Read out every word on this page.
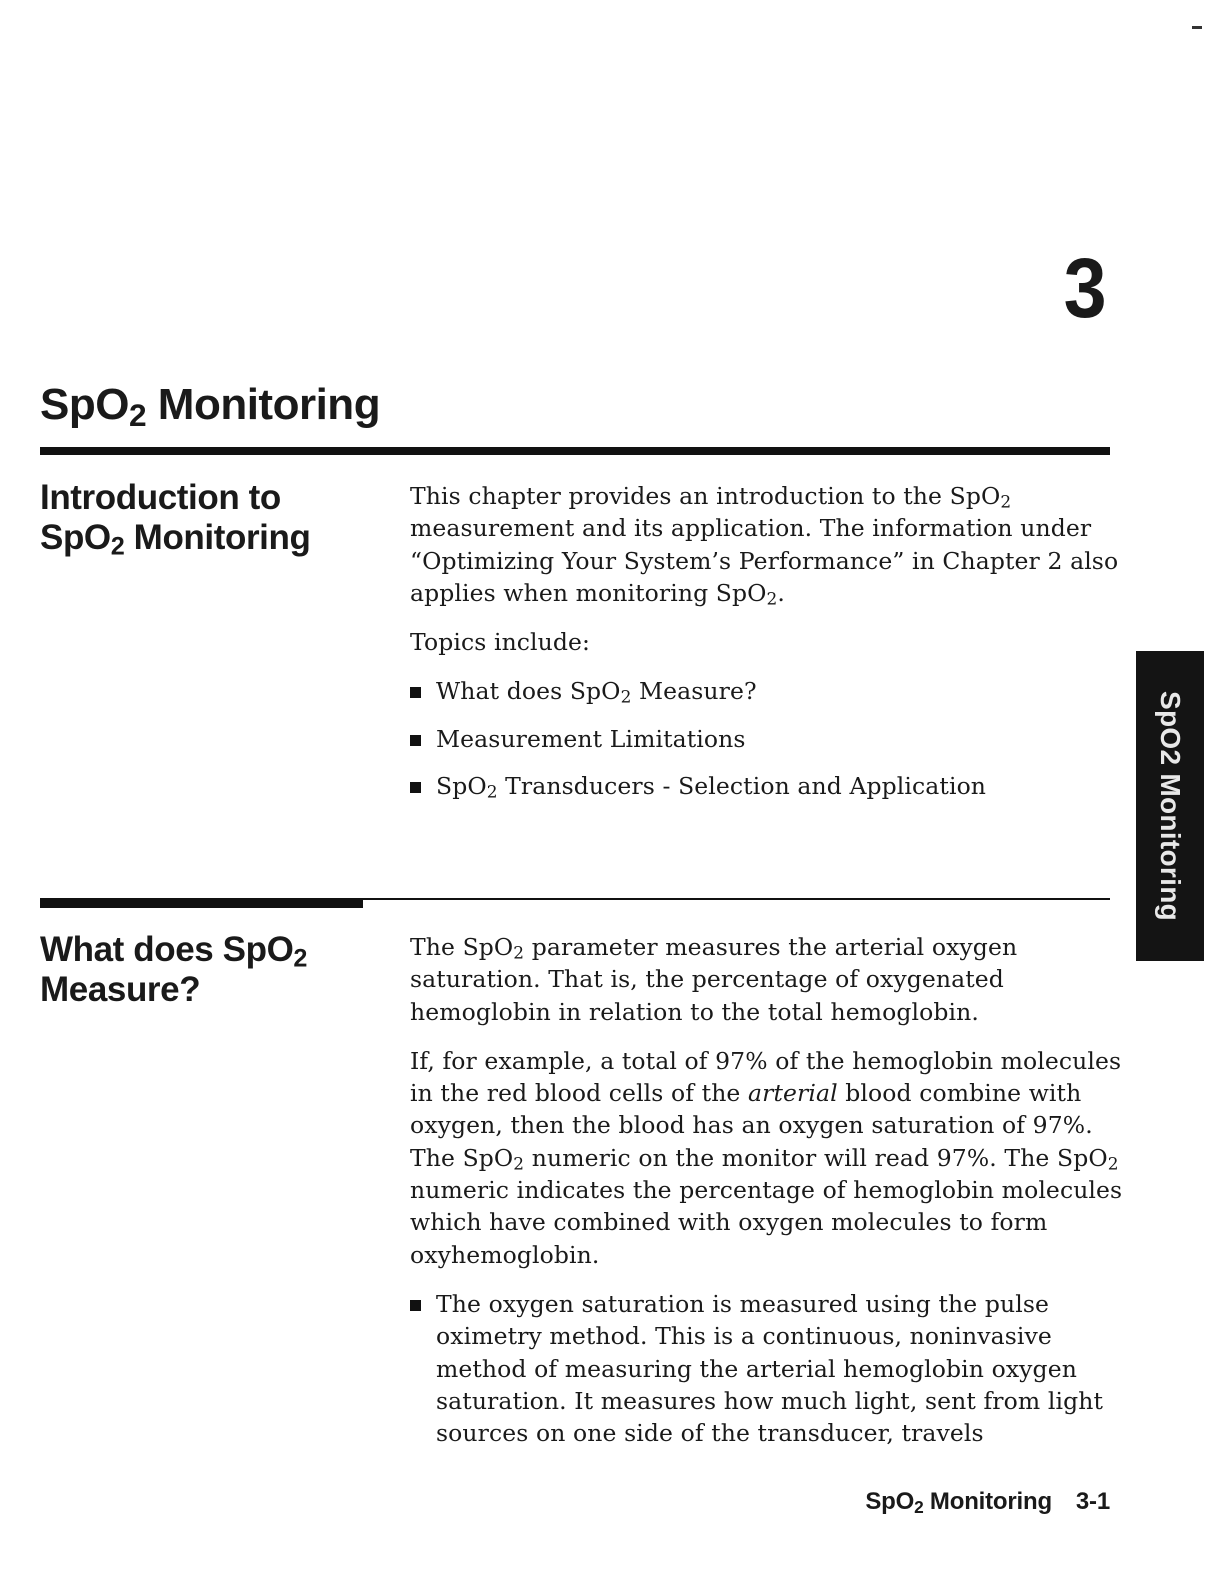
3
SpO$_2$ Monitoring
Introduction to
SpO$_2$ Monitoring

This chapter provides an introduction to the SpO$_2$ measurement and its application. The information under “Optimizing Your System’s Performance” in Chapter 2 also applies when monitoring SpO$_2$.

Topics include:

What does SpO$_2$ Measure?
Measurement Limitations
SpO$_2$ Transducers - Selection and Application
What does SpO$_2$
Measure?

The SpO$_2$ parameter measures the arterial oxygen saturation. That is, the percentage of oxygenated hemoglobin in relation to the total hemoglobin.

If, for example, a total of 97% of the hemoglobin molecules in the red blood cells of the arterial blood combine with oxygen, then the blood has an oxygen saturation of 97%. The SpO$_2$ numeric on the monitor will read 97%. The SpO$_2$ numeric indicates the percentage of hemoglobin molecules which have combined with oxygen molecules to form oxyhemoglobin.

The oxygen saturation is measured using the pulse oximetry method. This is a continuous, noninvasive method of measuring the arterial hemoglobin oxygen saturation. It measures how much light, sent from light sources on one side of the transducer, travels
SpO2 Monitoring
SpO$_2$ Monitoring 3-1
